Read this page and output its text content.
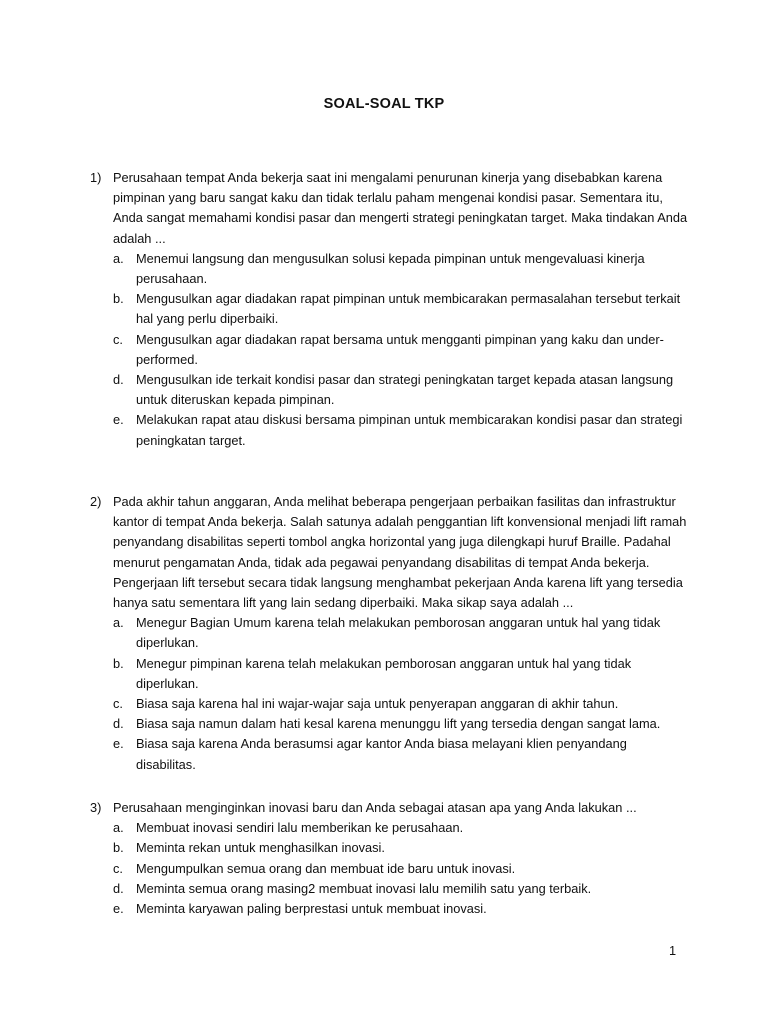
SOAL-SOAL TKP
1) Perusahaan tempat Anda bekerja saat ini mengalami penurunan kinerja yang disebabkan karena pimpinan yang baru sangat kaku dan tidak terlalu paham mengenai kondisi pasar. Sementara itu, Anda sangat memahami kondisi pasar dan mengerti strategi peningkatan target. Maka tindakan Anda adalah ...
a. Menemui langsung dan mengusulkan solusi kepada pimpinan untuk mengevaluasi kinerja perusahaan.
b. Mengusulkan agar diadakan rapat pimpinan untuk membicarakan permasalahan tersebut terkait hal yang perlu diperbaiki.
c.	Mengusulkan agar diadakan rapat bersama untuk mengganti pimpinan yang kaku dan under-performed.
d. Mengusulkan ide terkait kondisi pasar dan strategi peningkatan target kepada atasan langsung untuk diteruskan kepada pimpinan.
e. Melakukan rapat atau diskusi bersama pimpinan untuk membicarakan kondisi pasar dan strategi peningkatan target.
2) Pada akhir tahun anggaran, Anda melihat beberapa pengerjaan perbaikan fasilitas dan infrastruktur kantor di tempat Anda bekerja. Salah satunya adalah penggantian lift konvensional menjadi lift ramah penyandang disabilitas seperti tombol angka horizontal yang juga dilengkapi huruf Braille. Padahal menurut pengamatan Anda, tidak ada pegawai penyandang disabilitas di tempat Anda bekerja. Pengerjaan lift tersebut secara tidak langsung menghambat pekerjaan Anda karena lift yang tersedia hanya satu sementara lift yang lain sedang diperbaiki. Maka sikap saya adalah ...
a. Menegur Bagian Umum karena telah melakukan pemborosan anggaran untuk hal yang tidak diperlukan.
b. Menegur pimpinan karena telah melakukan pemborosan anggaran untuk hal yang tidak diperlukan.
c.	Biasa saja karena hal ini wajar-wajar saja untuk penyerapan anggaran di akhir tahun.
d. Biasa saja namun dalam hati kesal karena menunggu lift yang tersedia dengan sangat lama.
e. Biasa saja karena Anda berasumsi agar kantor Anda biasa melayani klien penyandang disabilitas.
3) Perusahaan menginginkan inovasi baru dan Anda sebagai atasan apa yang Anda lakukan ...
a. Membuat inovasi sendiri lalu memberikan ke perusahaan.
b. Meminta rekan untuk menghasilkan inovasi.
c.	Mengumpulkan semua orang dan membuat ide baru untuk inovasi.
d. Meminta semua orang masing2 membuat inovasi lalu memilih satu yang terbaik.
e. Meminta karyawan paling berprestasi untuk membuat inovasi.
1
